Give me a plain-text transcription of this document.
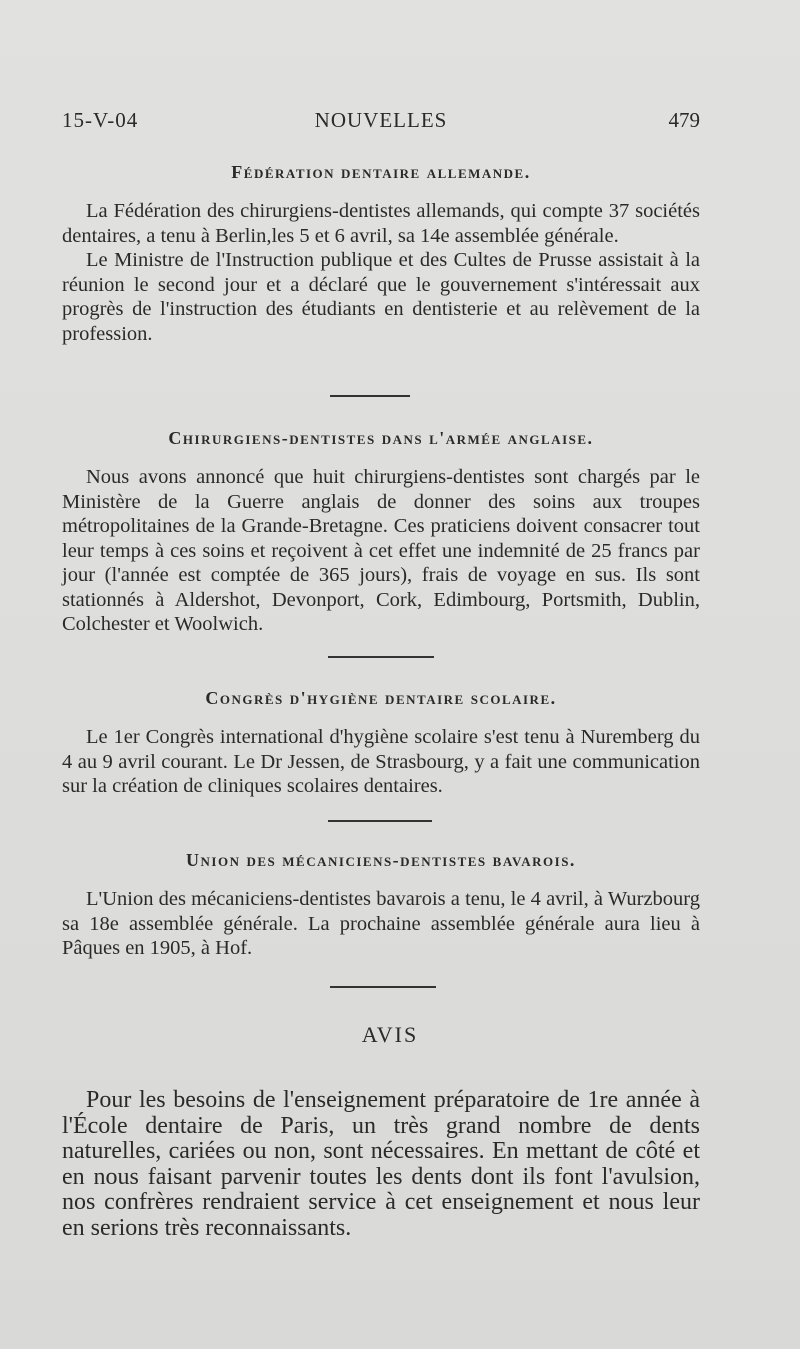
15-V-04	NOUVELLES	479
Fédération dentaire allemande.

La Fédération des chirurgiens-dentistes allemands, qui compte 37 sociétés dentaires, a tenu à Berlin,les 5 et 6 avril, sa 14e assemblée générale.

Le Ministre de l'Instruction publique et des Cultes de Prusse assistait à la réunion le second jour et a déclaré que le gouvernement s'intéressait aux progrès de l'instruction des étudiants en dentisterie et au relèvement de la profession.

Chirurgiens-dentistes dans l'armée anglaise.

Nous avons annoncé que huit chirurgiens-dentistes sont chargés par le Ministère de la Guerre anglais de donner des soins aux troupes métropolitaines de la Grande-Bretagne. Ces praticiens doivent consacrer tout leur temps à ces soins et reçoivent à cet effet une indemnité de 25 francs par jour (l'année est comptée de 365 jours), frais de voyage en sus. Ils sont stationnés à Aldershot, Devonport, Cork, Edimbourg, Portsmith, Dublin, Colchester et Woolwich.

Congrès d'hygiène dentaire scolaire.

Le 1er Congrès international d'hygiène scolaire s'est tenu à Nuremberg du 4 au 9 avril courant. Le Dr Jessen, de Strasbourg, y a fait une communication sur la création de cliniques scolaires dentaires.

Union des mécaniciens-dentistes bavarois.

L'Union des mécaniciens-dentistes bavarois a tenu, le 4 avril, à Wurzbourg sa 18e assemblée générale. La prochaine assemblée générale aura lieu à Pâques en 1905, à Hof.

AVIS

Pour les besoins de l'enseignement préparatoire de 1re année à l'École dentaire de Paris, un très grand nombre de dents naturelles, cariées ou non, sont nécessaires. En mettant de côté et en nous faisant parvenir toutes les dents dont ils font l'avulsion, nos confrères rendraient service à cet enseignement et nous leur en serions très reconnaissants.
